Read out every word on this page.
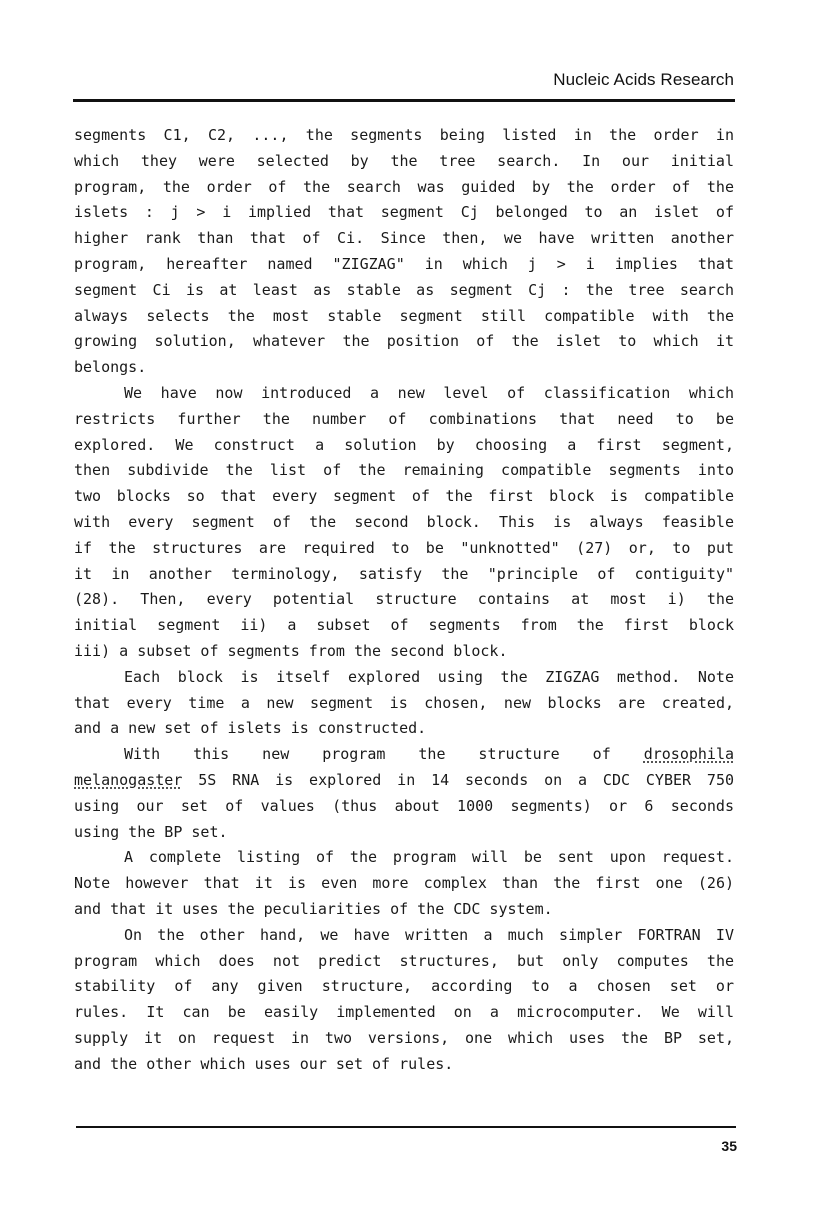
Nucleic Acids Research
segments C1, C2, ..., the segments being listed in the order in
which they were selected by the tree search. In our initial
program, the order of the search was guided by the order of the
islets : j > i implied that segment Cj belonged to an islet of
higher rank than that of Ci. Since then, we have written another
program, hereafter named "ZIGZAG" in which j > i implies that
segment Ci is at least as stable as segment Cj : the tree search
always selects the most stable segment still compatible with the
growing solution, whatever the position of the islet to which it
belongs.
We have now introduced a new level of classification which
restricts further the number of combinations that need to be
explored. We construct a solution by choosing a first segment,
then subdivide the list of the remaining compatible segments into
two blocks so that every segment of the first block is compatible
with every segment of the second block. This is always feasible
if the structures are required to be "unknotted" (27) or, to put
it in another terminology, satisfy the "principle of contiguity"
(28). Then, every potential structure contains at most i) the
initial segment ii) a subset of segments from the first block
iii) a subset of segments from the second block.
Each block is itself explored using the ZIGZAG method. Note
that every time a new segment is chosen, new blocks are created,
and a new set of islets is constructed.
With this new program the structure of drosophila
melanogaster 5S RNA is explored in 14 seconds on a CDC CYBER 750
using our set of values (thus about 1000 segments) or 6 seconds
using the BP set.
A complete listing of the program will be sent upon request.
Note however that it is even more complex than the first one (26)
and that it uses the peculiarities of the CDC system.
On the other hand, we have written a much simpler FORTRAN IV
program which does not predict structures, but only computes the
stability of any given structure, according to a chosen set or
rules. It can be easily implemented on a microcomputer. We will
supply it on request in two versions, one which uses the BP set,
and the other which uses our set of rules.
35
